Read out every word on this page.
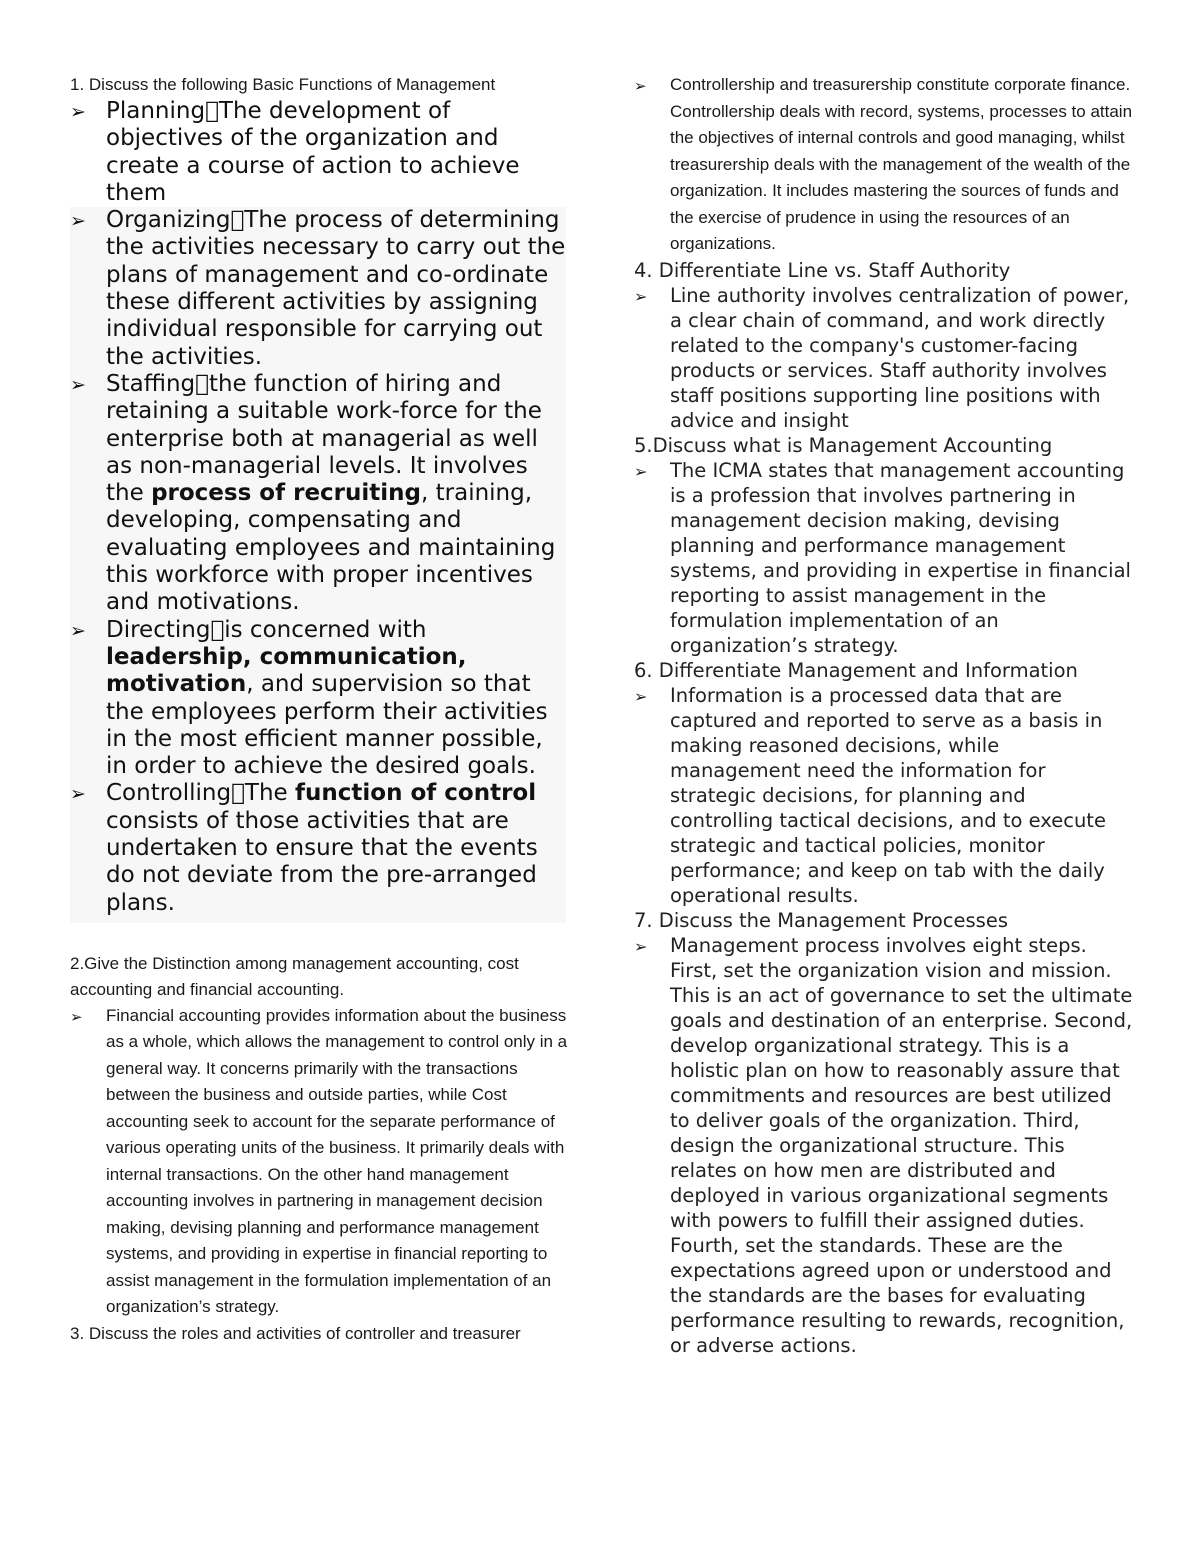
1. Discuss the following Basic Functions of Management

➢ Planning The development of objectives of the organization and create a course of action to achieve them

➢ Organizing The process of determining the activities necessary to carry out the plans of management and co-ordinate these different activities by assigning individual responsible for carrying out the activities.

➢ Staffing the function of hiring and retaining a suitable work-force for the enterprise both at managerial as well as non-managerial levels. It involves the process of recruiting, training, developing, compensating and evaluating employees and maintaining this workforce with proper incentives and motivations.

➢ Directing is concerned with leadership, communication, motivation, and supervision so that the employees perform their activities in the most efficient manner possible, in order to achieve the desired goals.

➢ Controlling The function of control consists of those activities that are undertaken to ensure that the events do not deviate from the pre-arranged plans.

2.Give the Distinction among management accounting, cost accounting and financial accounting.

➢ Financial accounting provides information about the business as a whole, which allows the management to control only in a general way. It concerns primarily with the transactions between the business and outside parties, while Cost accounting seek to account for the separate performance of various operating units of the business. It primarily deals with internal transactions. On the other hand management accounting involves in partnering in management decision making, devising planning and performance management systems, and providing in expertise in financial reporting to assist management in the formulation implementation of an organization’s strategy.

3. Discuss the roles and activities of controller and treasurer

➢ Controllership and treasurership constitute corporate finance. Controllership deals with record, systems, processes to attain the objectives of internal controls and good managing, whilst treasurership deals with the management of the wealth of the organization. It includes mastering the sources of funds and the exercise of prudence in using the resources of an organizations.

4. Differentiate Line vs. Staff Authority

➢ Line authority involves centralization of power, a clear chain of command, and work directly related to the company's customer-facing products or services. Staff authority involves staff positions supporting line positions with advice and insight

5.Discuss what is Management Accounting

➢ The ICMA states that management accounting is a profession that involves partnering in management decision making, devising planning and performance management systems, and providing in expertise in financial reporting to assist management in the formulation implementation of an organization’s strategy.

6. Differentiate Management and Information

➢ Information is a processed data that are captured and reported to serve as a basis in making reasoned decisions, while management need the information for strategic decisions, for planning and controlling tactical decisions, and to execute strategic and tactical policies, monitor performance; and keep on tab with the daily operational results.

7. Discuss the Management Processes

➢ Management process involves eight steps. First, set the organization vision and mission. This is an act of governance to set the ultimate goals and destination of an enterprise. Second, develop organizational strategy. This is a holistic plan on how to reasonably assure that commitments and resources are best utilized to deliver goals of the organization. Third, design the organizational structure. This relates on how men are distributed and deployed in various organizational segments with powers to fulfill their assigned duties. Fourth, set the standards. These are the expectations agreed upon or understood and the standards are the bases for evaluating performance resulting to rewards, recognition, or adverse actions.
